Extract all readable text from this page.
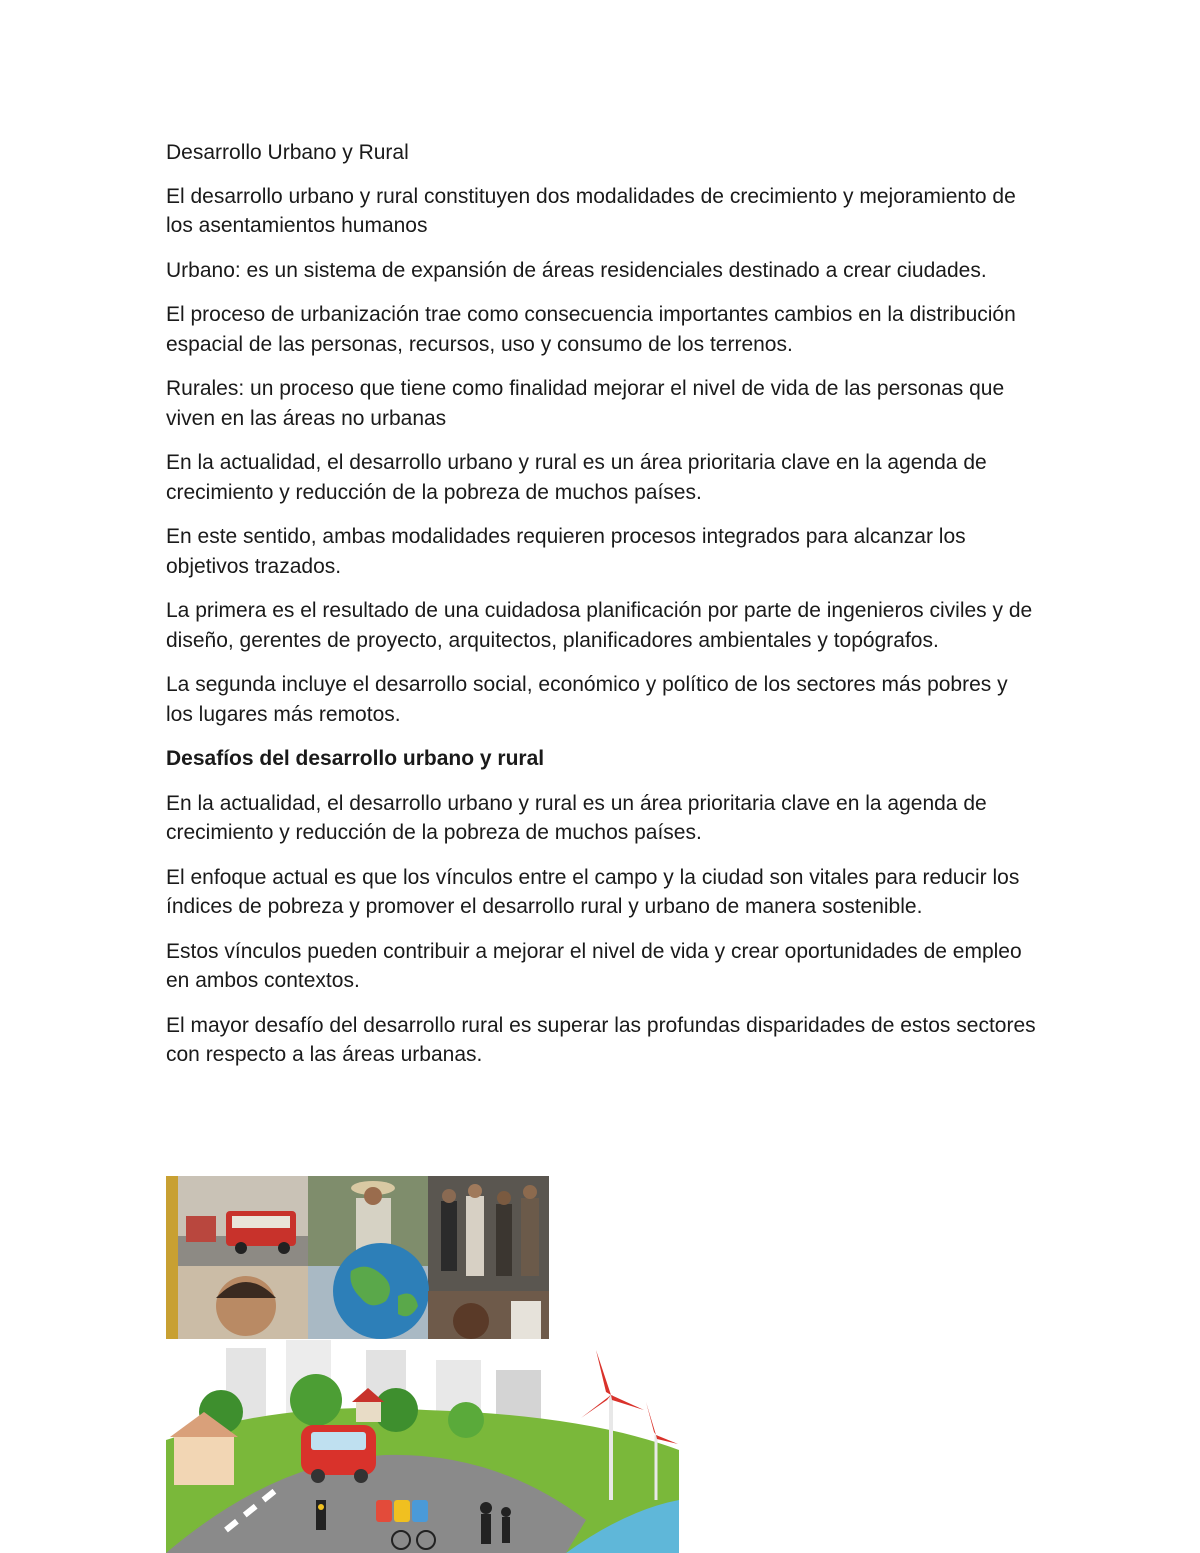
Desarrollo Urbano y Rural

El desarrollo urbano y rural constituyen dos modalidades de crecimiento y mejoramiento de los asentamientos humanos

Urbano: es un sistema de expansión de áreas residenciales destinado a crear ciudades.

El proceso de urbanización trae como consecuencia importantes cambios en la distribución espacial de las personas, recursos, uso y consumo de los terrenos.

Rurales: un proceso que tiene como finalidad mejorar el nivel de vida de las personas que viven en las áreas no urbanas

En la actualidad, el desarrollo urbano y rural es un área prioritaria clave en la agenda de crecimiento y reducción de la pobreza de muchos países.

En este sentido, ambas modalidades requieren procesos integrados para alcanzar los objetivos trazados.

La primera es el resultado de una cuidadosa planificación por parte de ingenieros civiles y de diseño, gerentes de proyecto, arquitectos, planificadores ambientales y topógrafos.

La segunda incluye el desarrollo social, económico y político de los sectores más pobres y los lugares más remotos.

Desafíos del desarrollo urbano y rural

En la actualidad, el desarrollo urbano y rural es un área prioritaria clave en la agenda de crecimiento y reducción de la pobreza de muchos países.

El enfoque actual es que los vínculos entre el campo y la ciudad son vitales para reducir los índices de pobreza y promover el desarrollo rural y urbano de manera sostenible.

Estos vínculos pueden contribuir a mejorar el nivel de vida y crear oportunidades de empleo en ambos contextos.

El mayor desafío del desarrollo rural es superar las profundas disparidades de estos sectores con respecto a las áreas urbanas.
